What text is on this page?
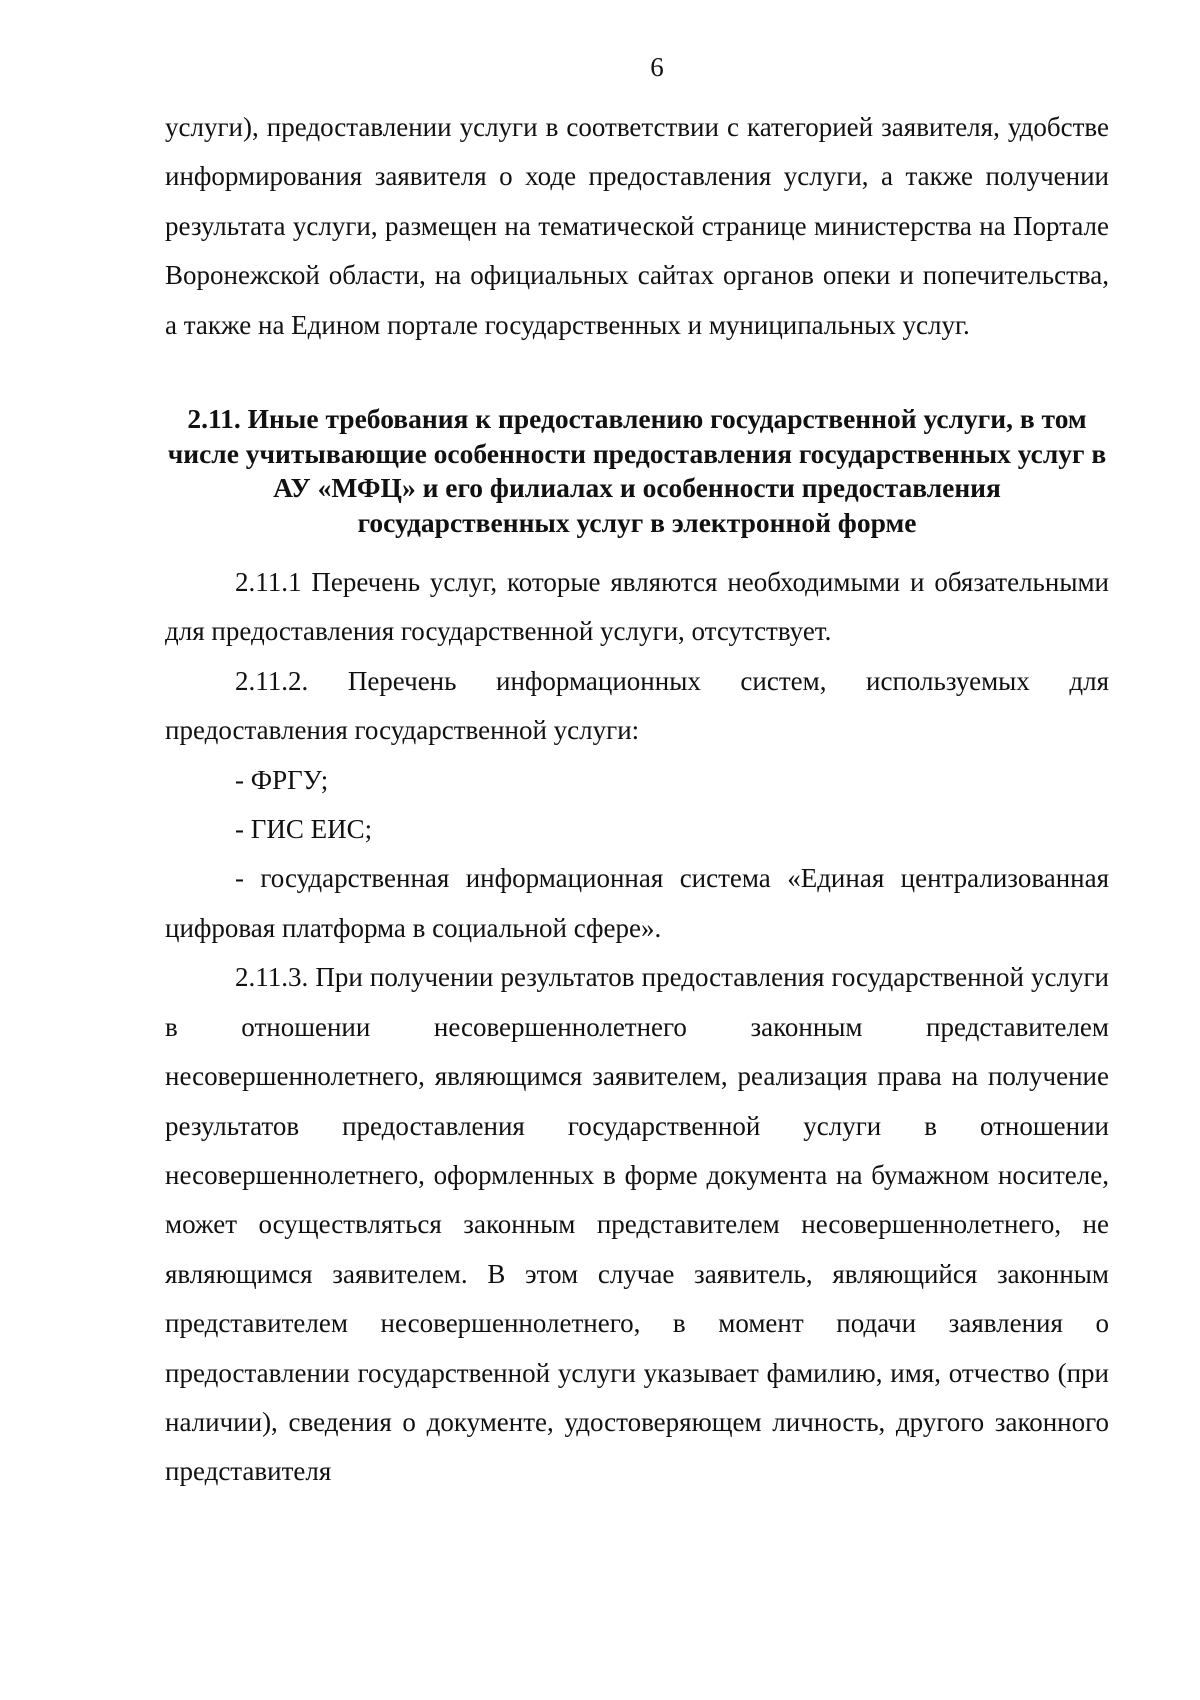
6

услуги), предоставлении услуги в соответствии с категорией заявителя, удобстве информирования заявителя о ходе предоставления услуги, а также получении результата услуги, размещен на тематической странице министерства на Портале Воронежской области, на официальных сайтах органов опеки и попечительства, а также на Едином портале государственных и муниципальных услуг.

2.11. Иные требования к предоставлению государственной услуги, в том числе учитывающие особенности предоставления государственных услуг в АУ «МФЦ» и его филиалах и особенности предоставления государственных услуг в электронной форме

2.11.1 Перечень услуг, которые являются необходимыми и обязательными для предоставления государственной услуги, отсутствует.

2.11.2. Перечень информационных систем, используемых для предоставления государственной услуги:

- ФРГУ;

- ГИС ЕИС;

- государственная информационная система «Единая централизованная цифровая платформа в социальной сфере».

2.11.3. При получении результатов предоставления государственной услуги в отношении несовершеннолетнего законным представителем несовершеннолетнего, являющимся заявителем, реализация права на получение результатов предоставления государственной услуги в отношении несовершеннолетнего, оформленных в форме документа на бумажном носителе, может осуществляться законным представителем несовершеннолетнего, не являющимся заявителем. В этом случае заявитель, являющийся законным представителем несовершеннолетнего, в момент подачи заявления о предоставлении государственной услуги указывает фамилию, имя, отчество (при наличии), сведения о документе, удостоверяющем личность, другого законного представителя
